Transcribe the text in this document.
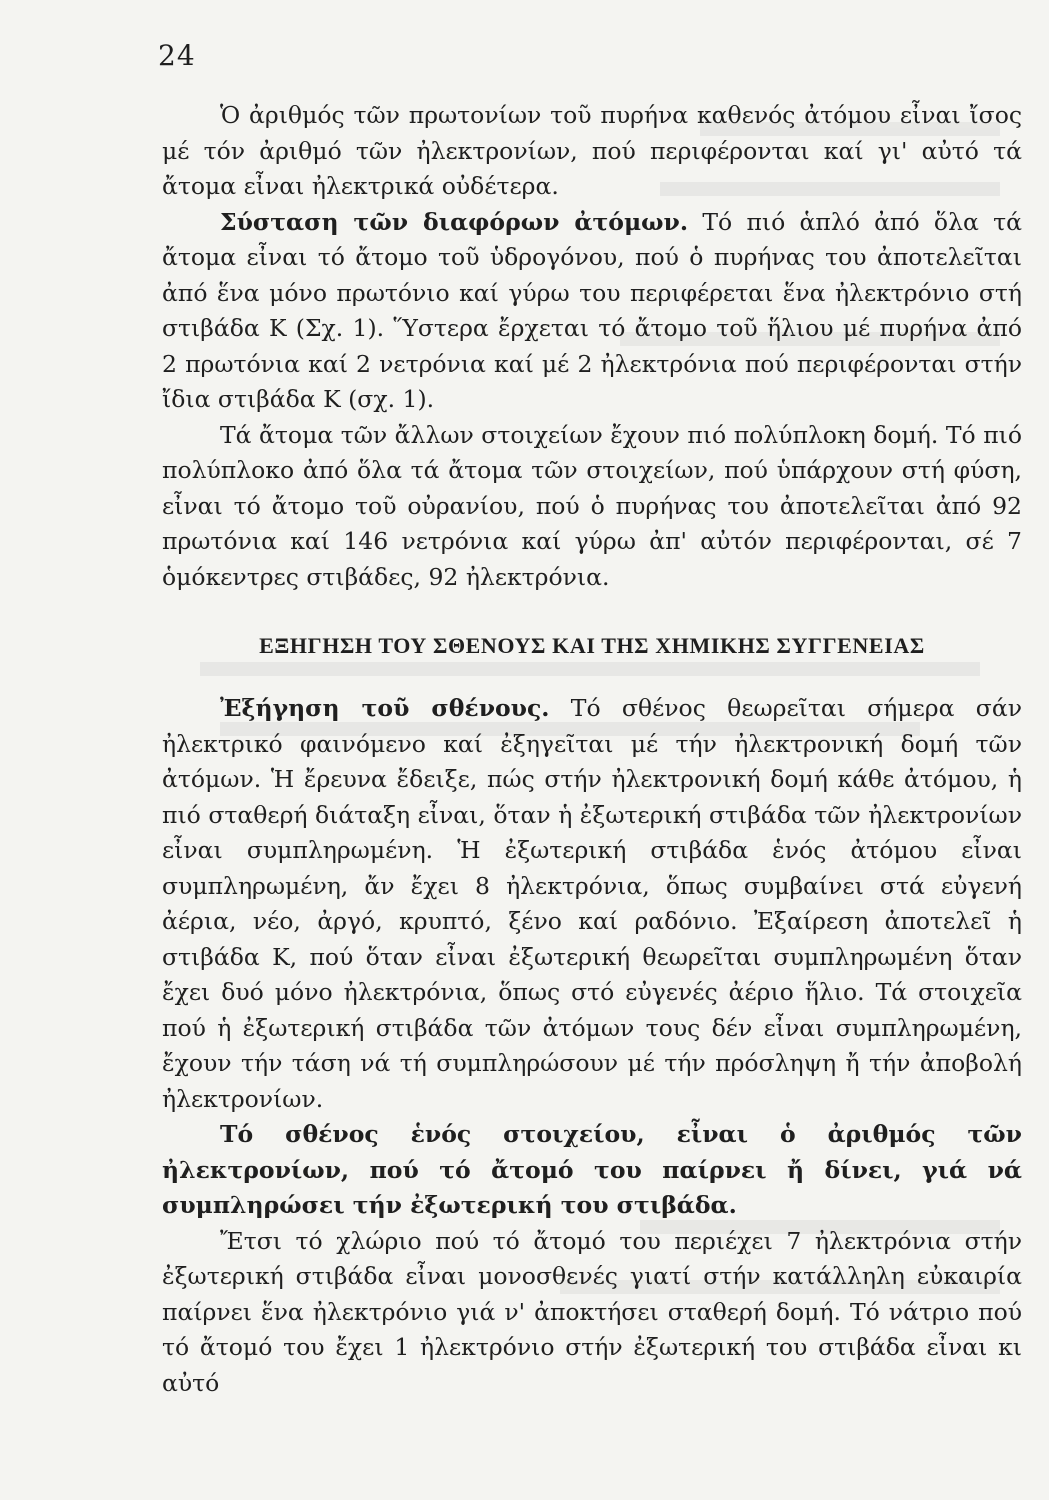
24

Ὁ ἀριθμός τῶν πρωτονίων τοῦ πυρήνα καθενός ἀτόμου εἶναι ἴσος μέ τόν ἀριθμό τῶν ἠλεκτρονίων, πού περιφέρονται καί γι' αὐτό τά ἄτομα εἶναι ἠλεκτρικά οὐδέτερα.

Σύσταση τῶν διαφόρων ἀτόμων. Τό πιό ἁπλό ἀπό ὅλα τά ἄτομα εἶναι τό ἄτομο τοῦ ὑδρογόνου, πού ὁ πυρήνας του ἀποτελεῖται ἀπό ἕνα μόνο πρωτόνιο καί γύρω του περιφέρεται ἕνα ἠλεκτρόνιο στή στιβάδα Κ (Σχ. 1). Ὕστερα ἔρχεται τό ἄτομο τοῦ ἥλιου μέ πυρήνα ἀπό 2 πρωτόνια καί 2 νετρόνια καί μέ 2 ἠλεκτρόνια πού περιφέρονται στήν ἴδια στιβάδα Κ (σχ. 1).

Τά ἄτομα τῶν ἄλλων στοιχείων ἔχουν πιό πολύπλοκη δομή. Τό πιό πολύπλοκο ἀπό ὅλα τά ἄτομα τῶν στοιχείων, πού ὑπάρχουν στή φύση, εἶναι τό ἄτομο τοῦ οὐρανίου, πού ὁ πυρήνας του ἀποτελεῖται ἀπό 92 πρωτόνια καί 146 νετρόνια καί γύρω ἀπ' αὐτόν περιφέρονται, σέ 7 ὁμόκεντρες στιβάδες, 92 ἠλεκτρόνια.

ΕΞΗΓΗΣΗ ΤΟΥ ΣΘΕΝΟΥΣ ΚΑΙ ΤΗΣ ΧΗΜΙΚΗΣ ΣΥΓΓΕΝΕΙΑΣ

Ἐξήγηση τοῦ σθένους. Τό σθένος θεωρεῖται σήμερα σάν ἠλεκτρικό φαινόμενο καί ἐξηγεῖται μέ τήν ἠλεκτρονική δομή τῶν ἀτόμων. Ἡ ἔρευνα ἔδειξε, πώς στήν ἠλεκτρονική δομή κάθε ἀτόμου, ἡ πιό σταθερή διάταξη εἶναι, ὅταν ἡ ἐξωτερική στιβάδα τῶν ἠλεκτρονίων εἶναι συμπληρωμένη. Ἡ ἐξωτερική στιβάδα ἑνός ἀτόμου εἶναι συμπληρωμένη, ἄν ἔχει 8 ἠλεκτρόνια, ὅπως συμβαίνει στά εὐγενή ἀέρια, νέο, ἀργό, κρυπτό, ξένο καί ραδόνιο. Ἐξαίρεση ἀποτελεῖ ἡ στιβάδα Κ, πού ὅταν εἶναι ἐξωτερική θεωρεῖται συμπληρωμένη ὅταν ἔχει δυό μόνο ἠλεκτρόνια, ὅπως στό εὐγενές ἀέριο ἥλιο. Τά στοιχεῖα πού ἡ ἐξωτερική στιβάδα τῶν ἀτόμων τους δέν εἶναι συμπληρωμένη, ἔχουν τήν τάση νά τή συμπληρώσουν μέ τήν πρόσληψη ἤ τήν ἀποβολή ἠλεκτρονίων.

Τό σθένος ἑνός στοιχείου, εἶναι ὁ ἀριθμός τῶν ἠλεκτρονίων, πού τό ἄτομό του παίρνει ἤ δίνει, γιά νά συμπληρώσει τήν ἐξωτερική του στιβάδα.

Ἔτσι τό χλώριο πού τό ἄτομό του περιέχει 7 ἠλεκτρόνια στήν ἐξωτερική στιβάδα εἶναι μονοσθενές γιατί στήν κατάλληλη εὐκαιρία παίρνει ἕνα ἠλεκτρόνιο γιά ν' ἀποκτήσει σταθερή δομή. Τό νάτριο πού τό ἄτομό του ἔχει 1 ἠλεκτρόνιο στήν ἐξωτερική του στιβάδα εἶναι κι αὐτό
